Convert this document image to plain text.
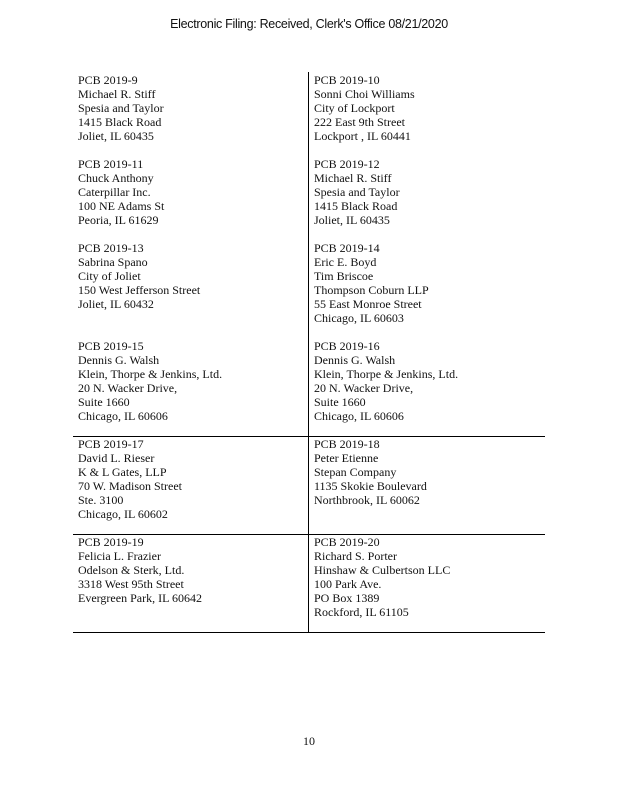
Electronic Filing: Received, Clerk's Office 08/21/2020
PCB 2019-9
Michael R. Stiff
Spesia and Taylor
1415 Black Road
Joliet, IL 60435
PCB 2019-10
Sonni Choi Williams
City of Lockport
222 East 9th Street
Lockport , IL 60441
PCB 2019-11
Chuck Anthony
Caterpillar Inc.
100 NE Adams St
Peoria, IL 61629
PCB 2019-12
Michael R. Stiff
Spesia and Taylor
1415 Black Road
Joliet, IL 60435
PCB 2019-13
Sabrina Spano
City of Joliet
150 West Jefferson Street
Joliet, IL 60432
PCB 2019-14
Eric E. Boyd
Tim Briscoe
Thompson Coburn LLP
55 East Monroe Street
Chicago, IL 60603
PCB 2019-15
Dennis G. Walsh
Klein, Thorpe & Jenkins, Ltd.
20 N. Wacker Drive,
Suite 1660
Chicago, IL 60606
PCB 2019-16
Dennis G. Walsh
Klein, Thorpe & Jenkins, Ltd.
20 N. Wacker Drive,
Suite 1660
Chicago, IL 60606
PCB 2019-17
David L. Rieser
K & L Gates, LLP
70 W. Madison Street
Ste. 3100
Chicago, IL 60602
PCB 2019-18
Peter Etienne
Stepan Company
1135 Skokie Boulevard
Northbrook, IL 60062
PCB 2019-19
Felicia L. Frazier
Odelson & Sterk, Ltd.
3318 West 95th Street
Evergreen Park, IL 60642
PCB 2019-20
Richard S. Porter
Hinshaw & Culbertson LLC
100 Park Ave.
PO Box 1389
Rockford, IL 61105
10
